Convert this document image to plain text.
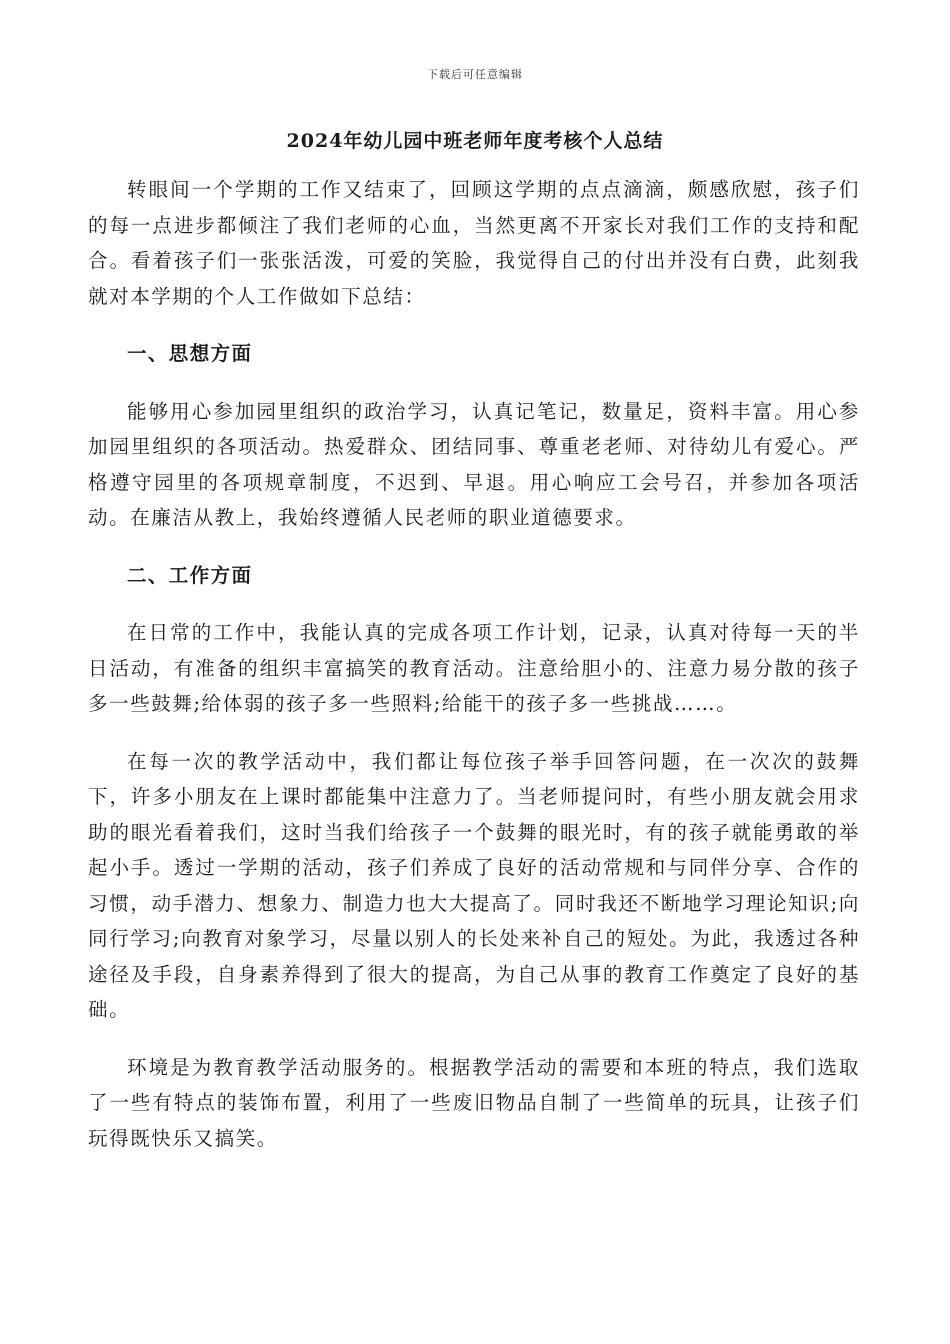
下载后可任意编辑
2024年幼儿园中班老师年度考核个人总结

转眼间一个学期的工作又结束了，回顾这学期的点点滴滴，颇感欣慰，孩子们的每一点进步都倾注了我们老师的心血，当然更离不开家长对我们工作的支持和配合。看着孩子们一张张活泼，可爱的笑脸，我觉得自己的付出并没有白费，此刻我就对本学期的个人工作做如下总结：

一、思想方面

能够用心参加园里组织的政治学习，认真记笔记，数量足，资料丰富。用心参加园里组织的各项活动。热爱群众、团结同事、尊重老老师、对待幼儿有爱心。严格遵守园里的各项规章制度，不迟到、早退。用心响应工会号召，并参加各项活动。在廉洁从教上，我始终遵循人民老师的职业道德要求。

二、工作方面

在日常的工作中，我能认真的完成各项工作计划，记录，认真对待每一天的半日活动，有准备的组织丰富搞笑的教育活动。注意给胆小的、注意力易分散的孩子多一些鼓舞;给体弱的孩子多一些照料;给能干的孩子多一些挑战……。

在每一次的教学活动中，我们都让每位孩子举手回答问题，在一次次的鼓舞下，许多小朋友在上课时都能集中注意力了。当老师提问时，有些小朋友就会用求助的眼光看着我们，这时当我们给孩子一个鼓舞的眼光时，有的孩子就能勇敢的举起小手。透过一学期的活动，孩子们养成了良好的活动常规和与同伴分享、合作的习惯，动手潜力、想象力、制造力也大大提高了。同时我还不断地学习理论知识;向同行学习;向教育对象学习，尽量以别人的长处来补自己的短处。为此，我透过各种途径及手段，自身素养得到了很大的提高，为自己从事的教育工作奠定了良好的基础。

环境是为教育教学活动服务的。根据教学活动的需要和本班的特点，我们选取了一些有特点的装饰布置，利用了一些废旧物品自制了一些简单的玩具，让孩子们玩得既快乐又搞笑。
